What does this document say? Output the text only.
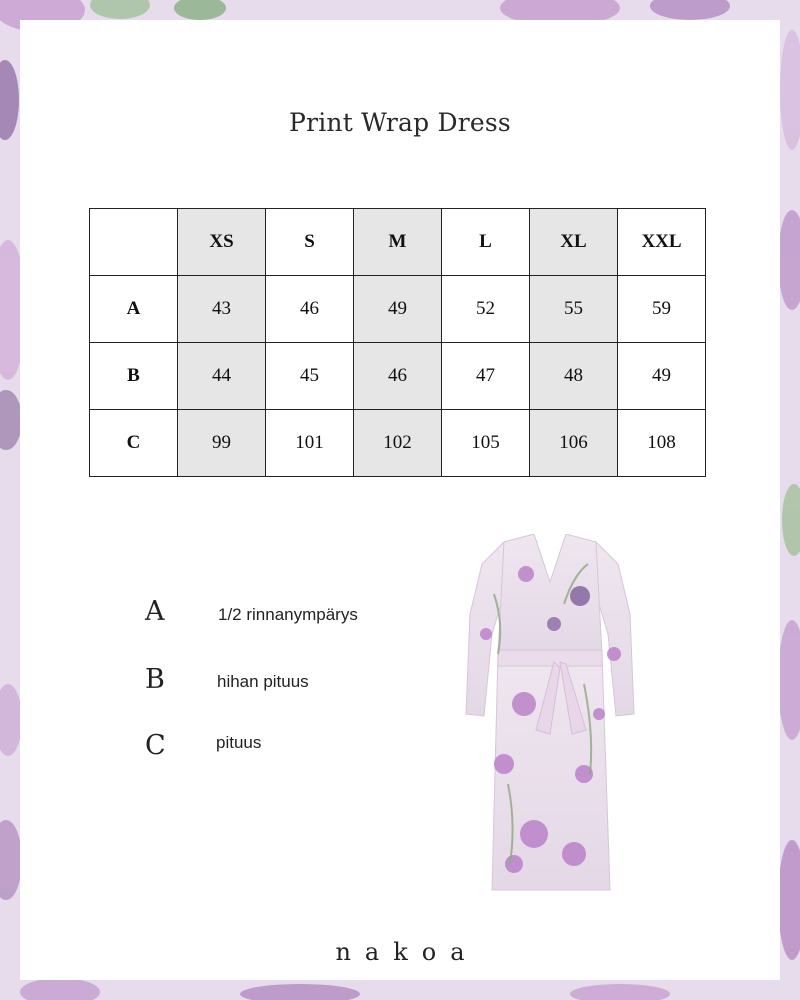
Print Wrap Dress
	XS	S	M	L	XL	XXL
A	43	46	49	52	55	59
B	44	45	46	47	48	49
C	99	101	102	105	106	108
A	1/2 rinnanympärys
B	hihan pituus
C	pituus
nakoa
